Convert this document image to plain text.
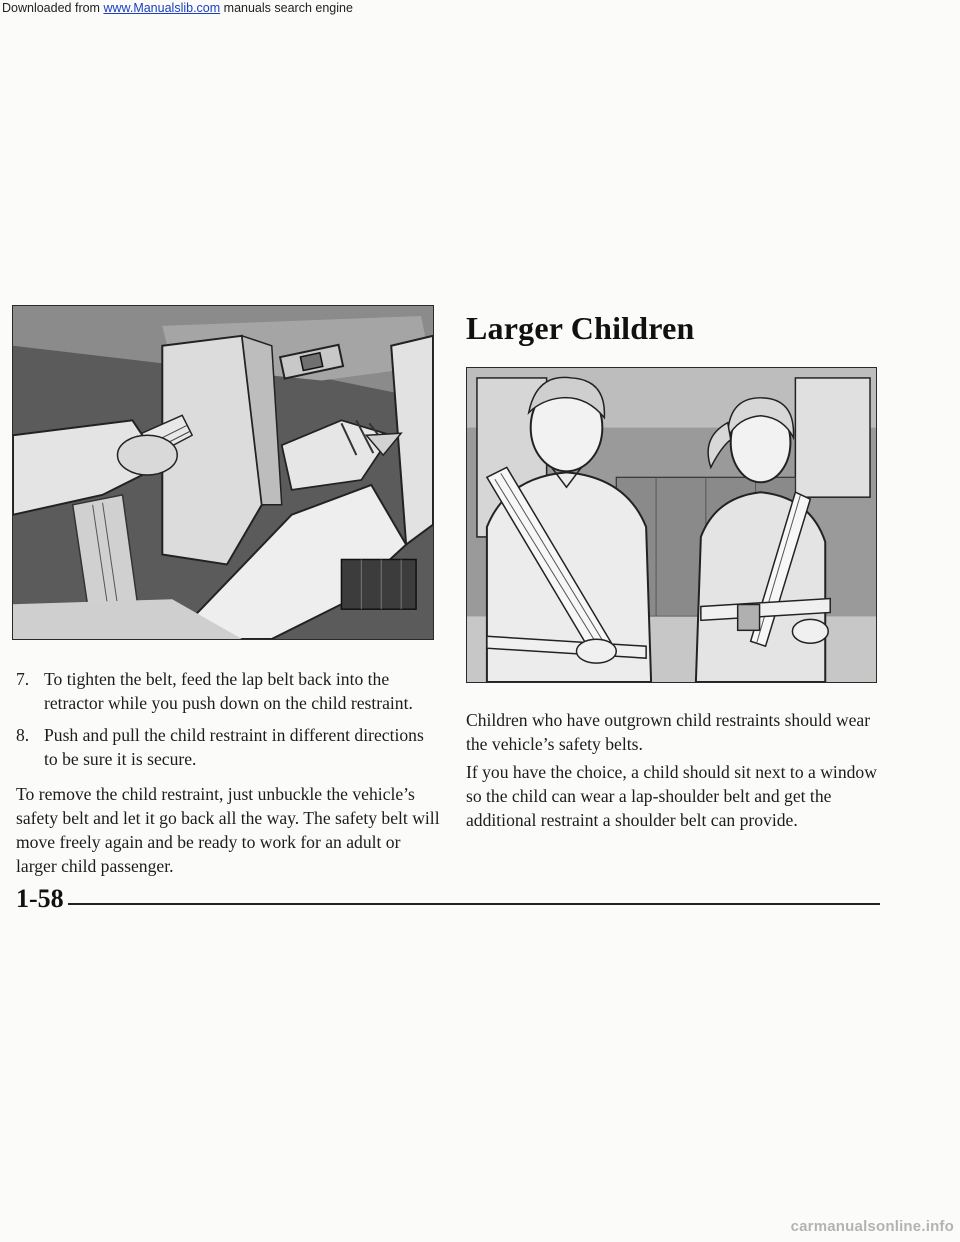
Downloaded from www.Manualslib.com manuals search engine
Larger Children
7. To tighten the belt, feed the lap belt back into the retractor while you push down on the child restraint.
8. Push and pull the child restraint in different directions to be sure it is secure.

To remove the child restraint, just unbuckle the vehicle’s safety belt and let it go back all the way. The safety belt will move freely again and be ready to work for an adult or larger child passenger.

Children who have outgrown child restraints should wear the vehicle’s safety belts.

If you have the choice, a child should sit next to a window so the child can wear a lap-shoulder belt and get the additional restraint a shoulder belt can provide.

1-58
carmanualsonline.info
